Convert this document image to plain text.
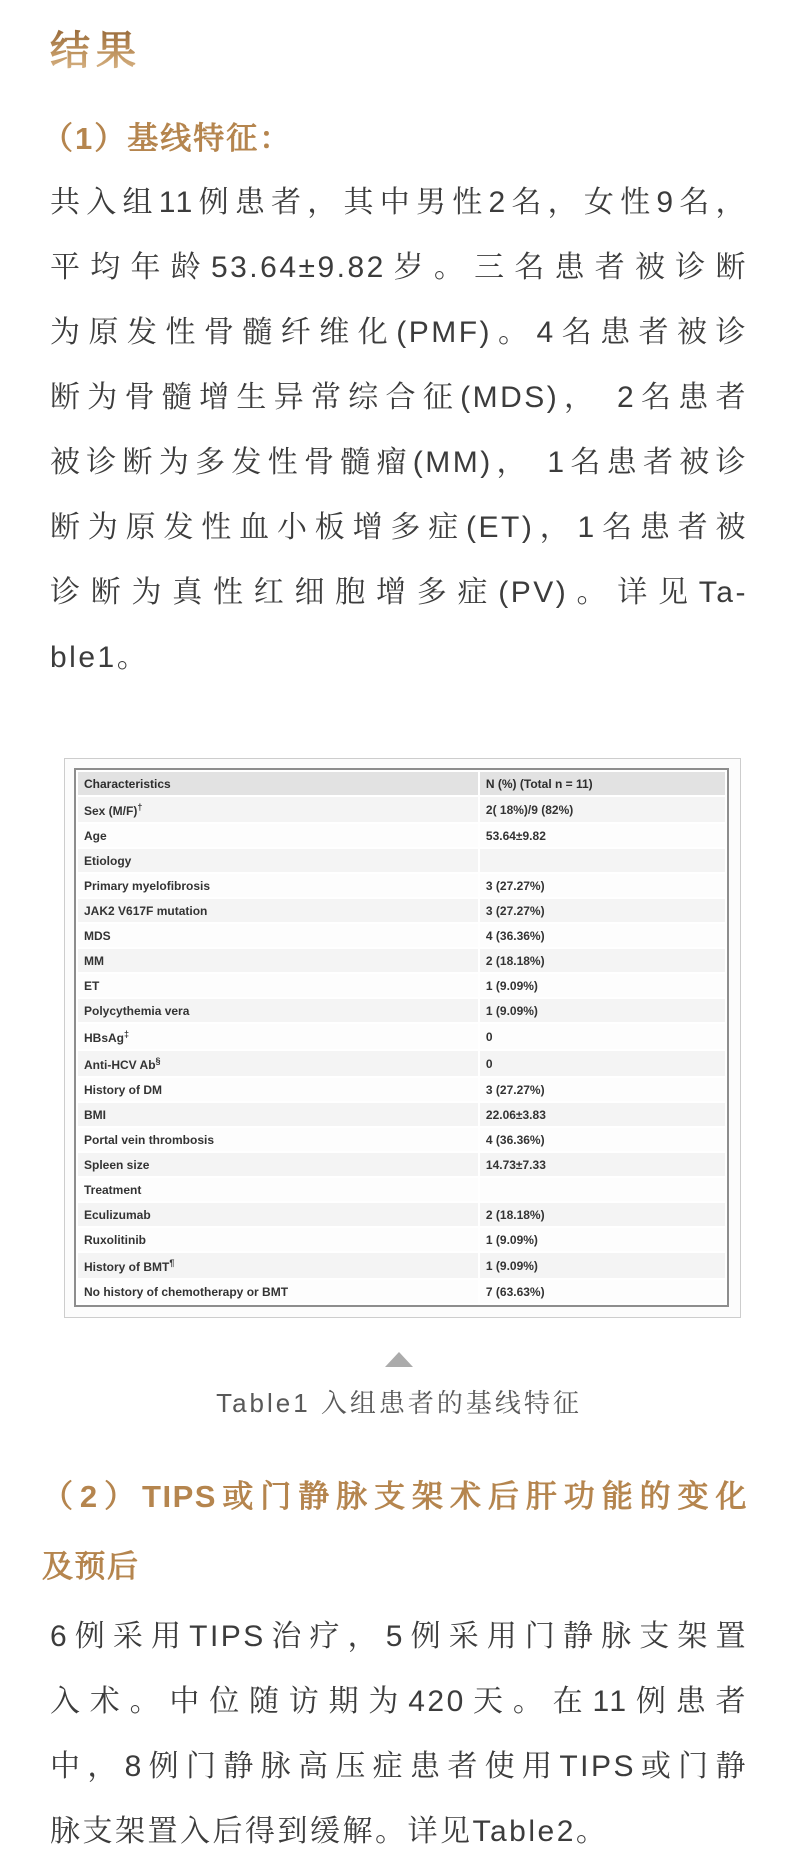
结果
（1）基线特征：
共入组11例患者，其中男性2名，女性9名，
平均年龄53.64±9.82岁。三名患者被诊断
为原发性骨髓纤维化(PMF)。4名患者被诊
断为骨髓增生异常综合征(MDS)， 2名患者
被诊断为多发性骨髓瘤(MM)， 1名患者被诊
断为原发性血小板增多症(ET)，1名患者被
诊断为真性红细胞增多症(PV)。详见Ta-
ble1。
Characteristics	N (%) (Total n = 11)
Sex (M/F)†	2( 18%)/9 (82%)
Age	53.64±9.82
Etiology	
Primary myelofibrosis	3 (27.27%)
JAK2 V617F mutation	3 (27.27%)
MDS	4 (36.36%)
MM	2 (18.18%)
ET	1 (9.09%)
Polycythemia vera	1 (9.09%)
HBsAg‡	0
Anti-HCV Ab§	0
History of DM	3 (27.27%)
BMI	22.06±3.83
Portal vein thrombosis	4 (36.36%)
Spleen size	14.73±7.33
Treatment	
Eculizumab	2 (18.18%)
Ruxolitinib	1 (9.09%)
History of BMT¶	1 (9.09%)
No history of chemotherapy or BMT	7 (63.63%)
Table1 入组患者的基线特征
（2）TIPS或门静脉支架术后肝功能的变化
及预后
6例采用TIPS治疗，5例采用门静脉支架置
入术。中位随访期为420天。在11例患者
中，8例门静脉高压症患者使用TIPS或门静
脉支架置入后得到缓解。详见Table2。
